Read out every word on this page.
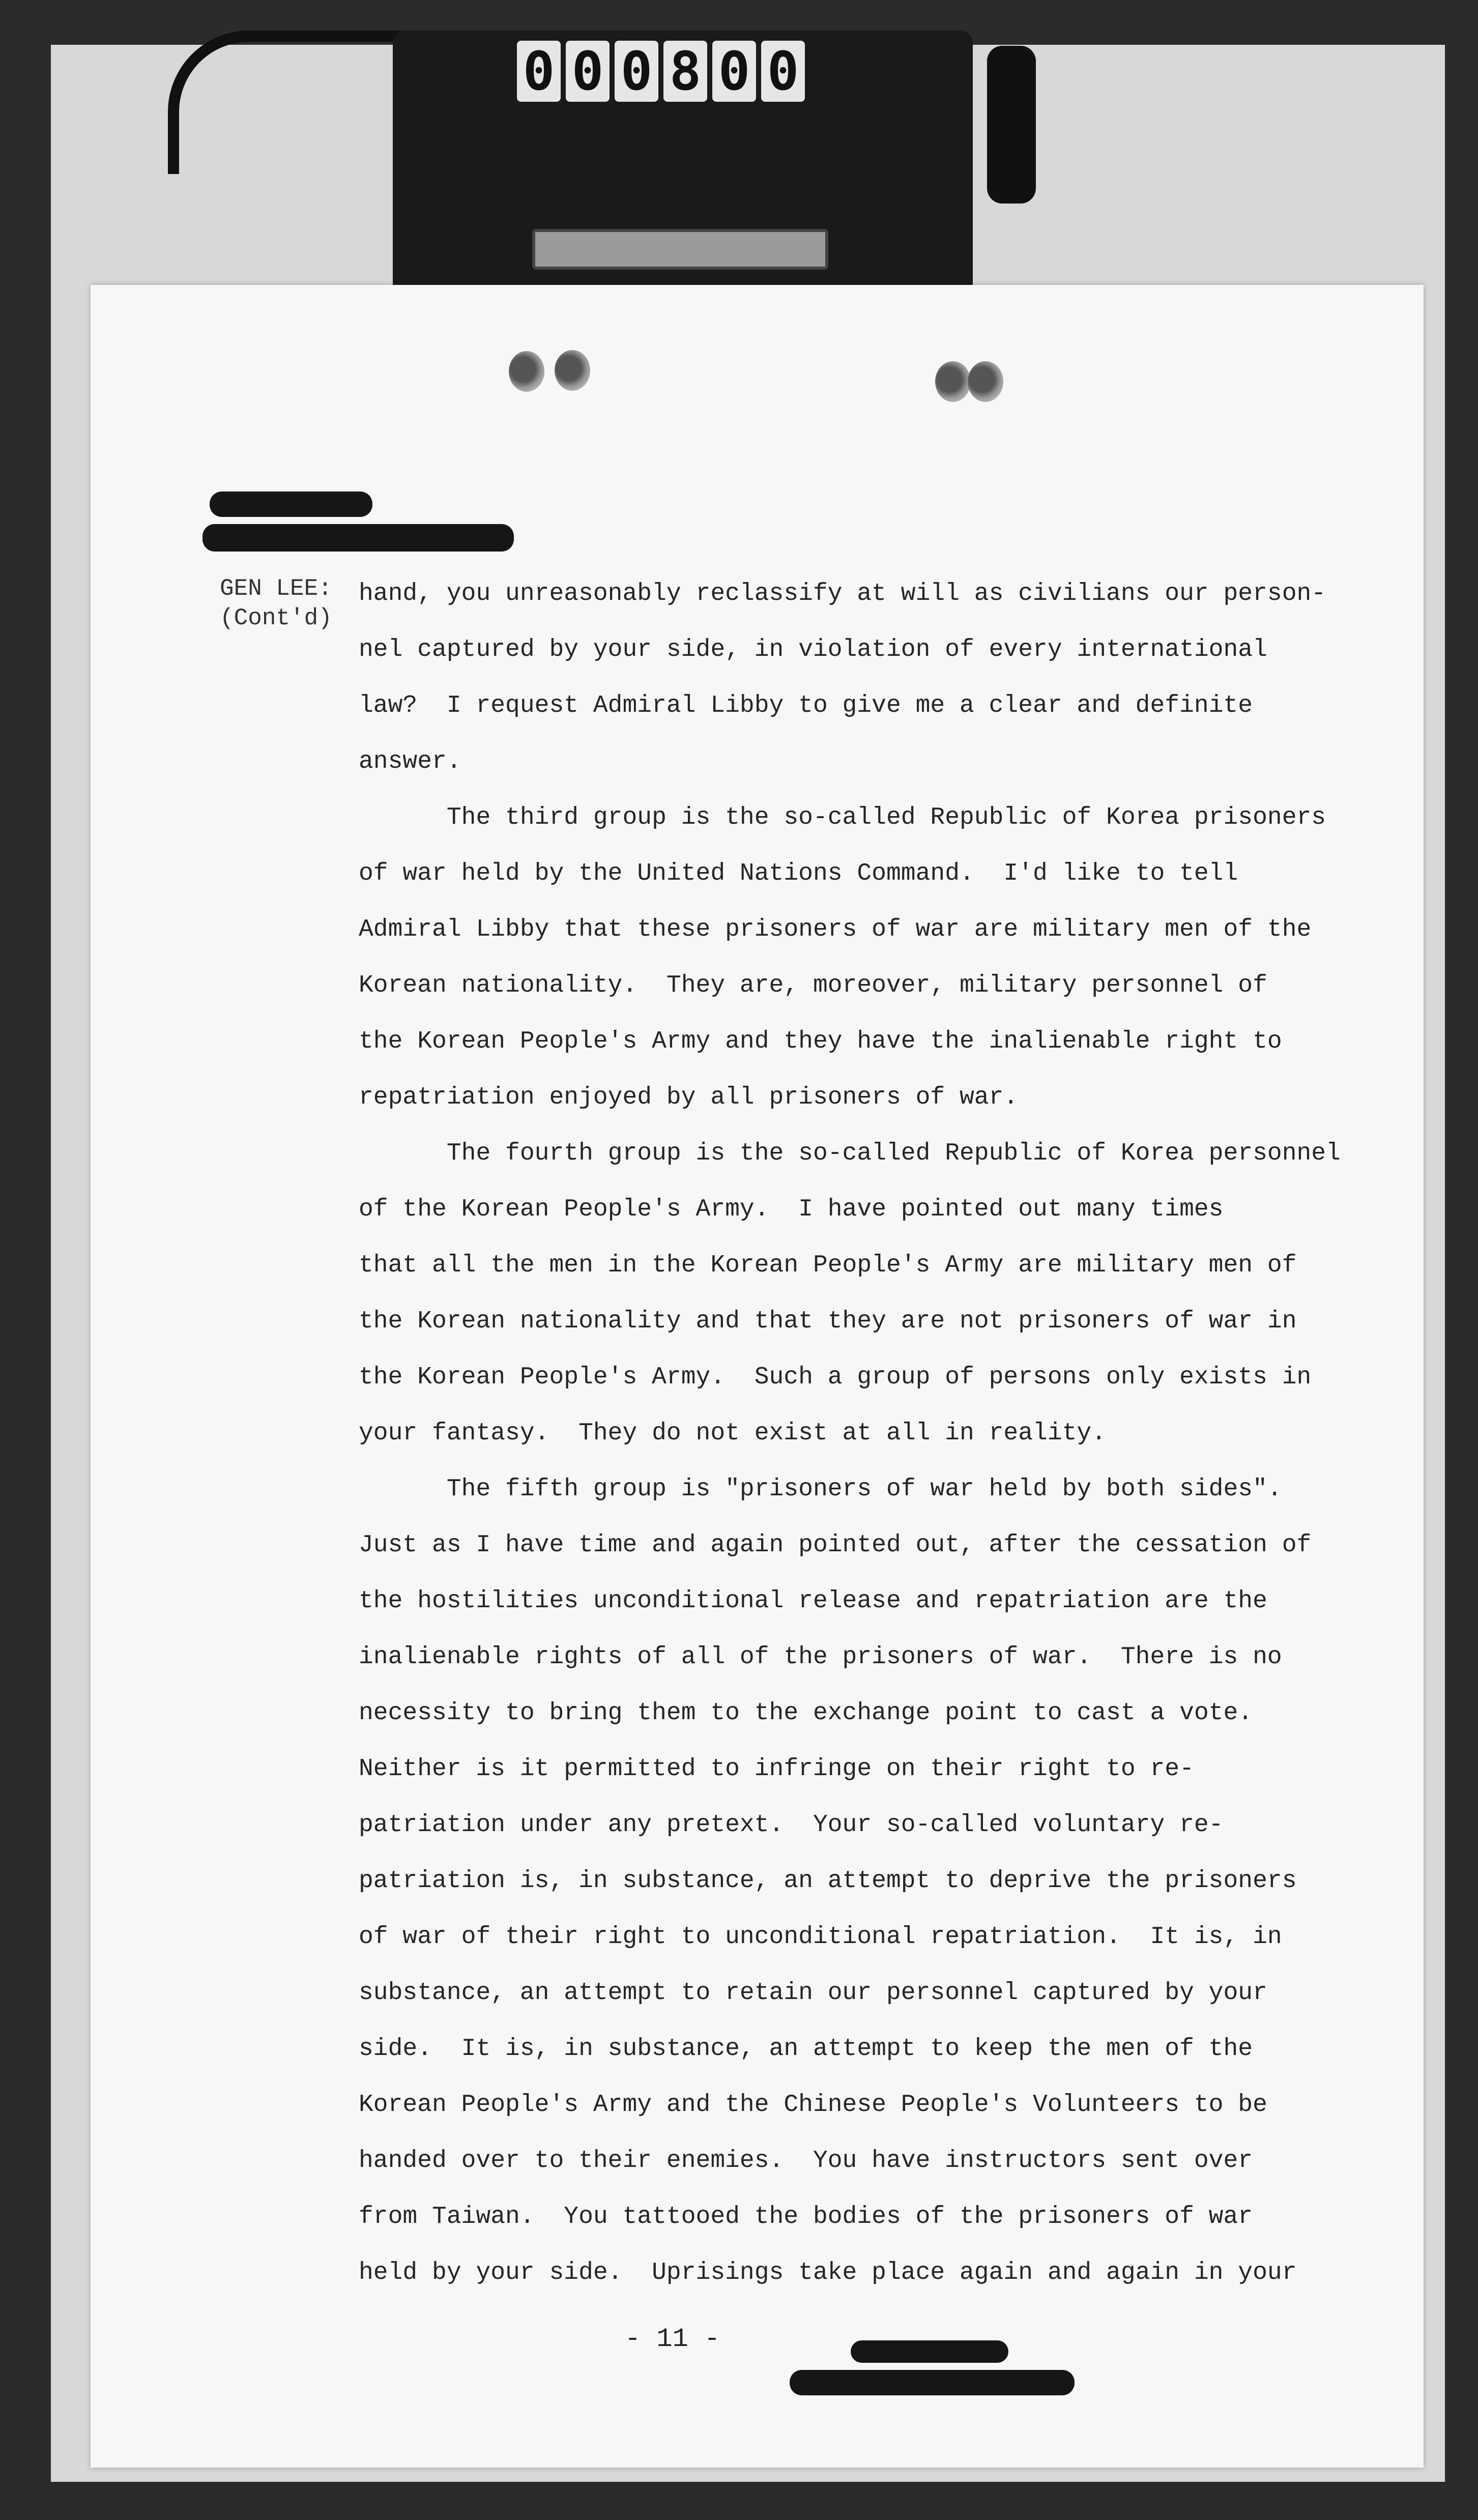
0 0 0 8 0 0
GEN LEE:
(Cont'd)
hand, you unreasonably reclassify at will as civilians our person-
nel captured by your side, in violation of every international
law?  I request Admiral Libby to give me a clear and definite
answer.
The third group is the so-called Republic of Korea prisoners
of war held by the United Nations Command.  I'd like to tell
Admiral Libby that these prisoners of war are military men of the
Korean nationality.  They are, moreover, military personnel of
the Korean People's Army and they have the inalienable right to
repatriation enjoyed by all prisoners of war.
The fourth group is the so-called Republic of Korea personnel
of the Korean People's Army.  I have pointed out many times
that all the men in the Korean People's Army are military men of
the Korean nationality and that they are not prisoners of war in
the Korean People's Army.  Such a group of persons only exists in
your fantasy.  They do not exist at all in reality.
The fifth group is "prisoners of war held by both sides".
Just as I have time and again pointed out, after the cessation of
the hostilities unconditional release and repatriation are the
inalienable rights of all of the prisoners of war.  There is no
necessity to bring them to the exchange point to cast a vote.
Neither is it permitted to infringe on their right to re-
patriation under any pretext.  Your so-called voluntary re-
patriation is, in substance, an attempt to deprive the prisoners
of war of their right to unconditional repatriation.  It is, in
substance, an attempt to retain our personnel captured by your
side.  It is, in substance, an attempt to keep the men of the
Korean People's Army and the Chinese People's Volunteers to be
handed over to their enemies.  You have instructors sent over
from Taiwan.  You tattooed the bodies of the prisoners of war
held by your side.  Uprisings take place again and again in your
- 11 -
